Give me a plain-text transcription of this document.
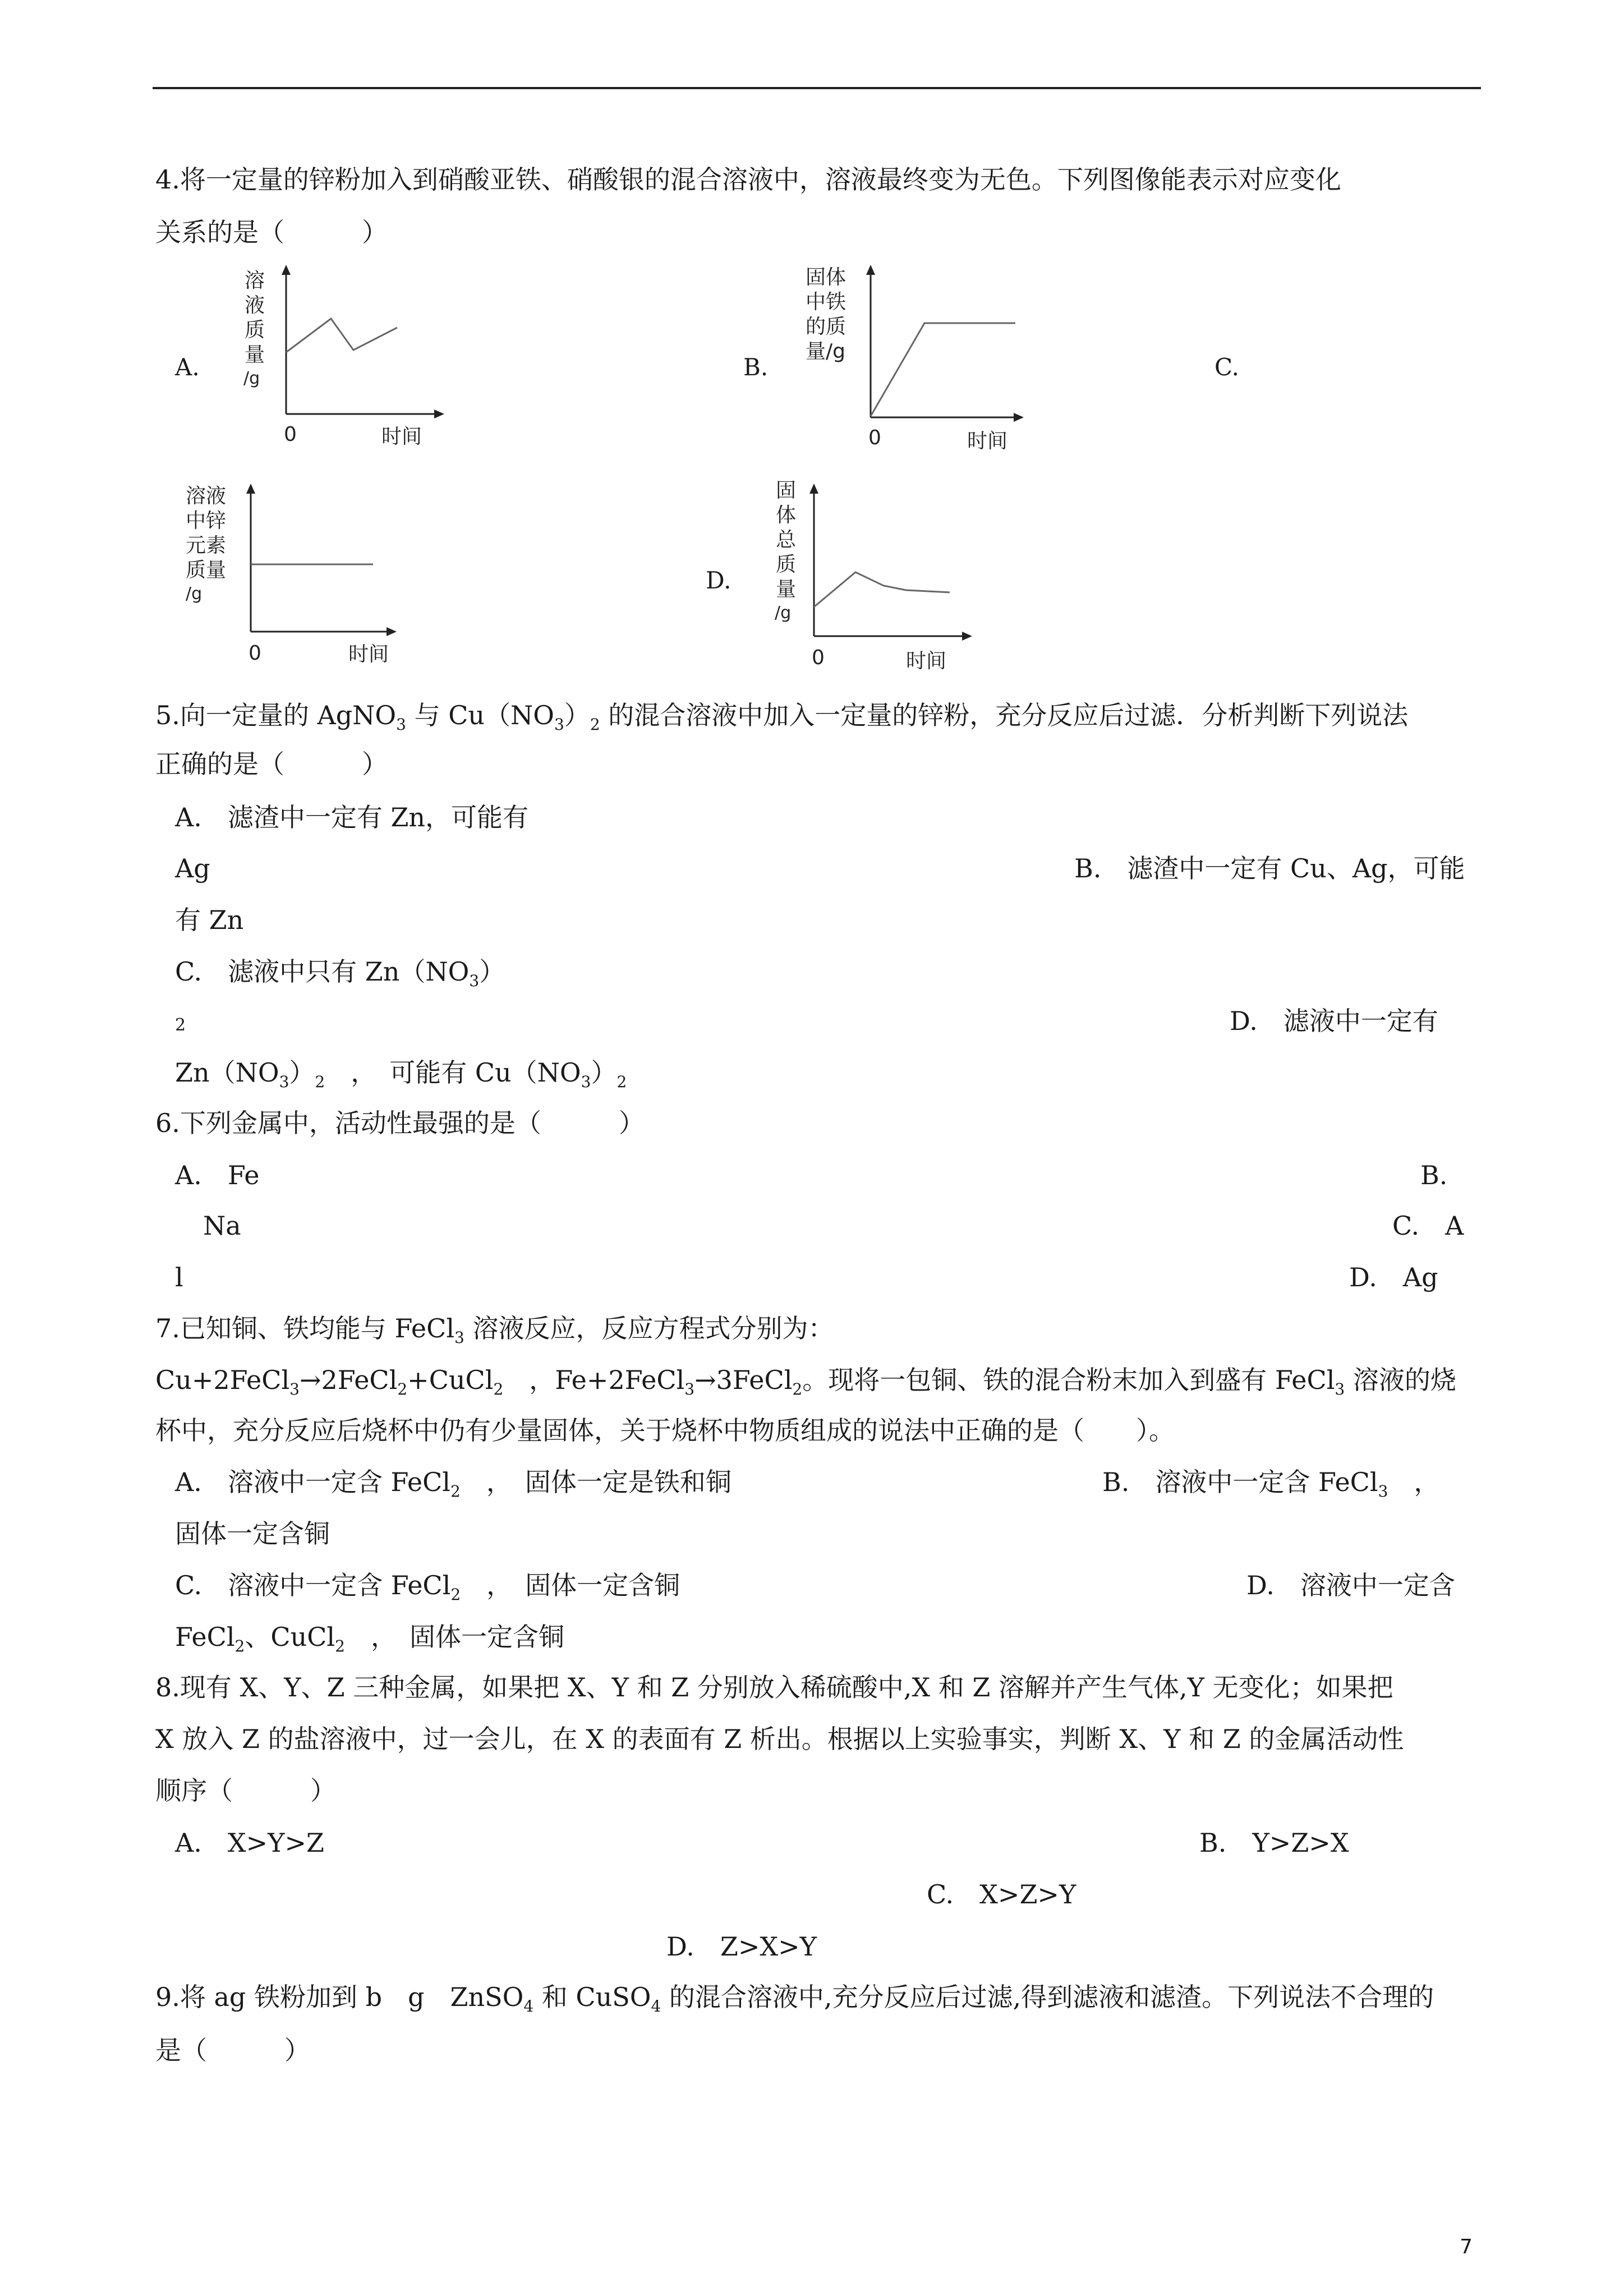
4.将一定量的锌粉加入到硝酸亚铁、硝酸银的混合溶液中，溶液最终变为无色。下列图像能表示对应变化
关系的是（　　　）
A.	B.	C.
D.
溶
液
质
量
/g
0	时间
固体
中铁
的质
量/g
0	时间
溶液
中锌
元素
质量
/g
0	时间
固
体
总
质
量
/g
0	时间
5.向一定量的 AgNO$_3$ 与 $Cu(NO_3)_2$ 的混合溶液中加入一定量的锌粉，充分反应后过滤．分析判断下列说法
正确的是（　　　）
A.　滤渣中一定有 Zn，可能有
Ag	B.　滤渣中一定有 Cu、Ag，可能
有 Zn
C.　滤液中只有 $Zn(NO_3)$
2	D.　滤液中一定有
$Zn(NO_3)_2$　，　可能有 $Cu(NO_3)_2$
6.下列金属中，活动性最强的是（　　　）
A.　Fe	B.
Na	C.　A
l	D.　Ag
7.已知铜、铁均能与 FeCl$_3$ 溶液反应，反应方程式分别为：
Cu+2FeCl$_3$→2FeCl$_2$+CuCl$_2$　，Fe+2FeCl$_3$→3FeCl$_2$。现将一包铜、铁的混合粉末加入到盛有 FeCl$_3$ 溶液的烧
杯中，充分反应后烧杯中仍有少量固体，关于烧杯中物质组成的说法中正确的是（　　）。
A.　溶液中一定含 FeCl$_2$　，　固体一定是铁和铜	B.　溶液中一定含 FeCl$_3$　，
固体一定含铜
C.　溶液中一定含 FeCl$_2$　，　固体一定含铜	D.　溶液中一定含
FeCl$_2$、CuCl$_2$　，　固体一定含铜
8.现有 X、Y、Z 三种金属，如果把 X、Y 和 Z 分别放入稀硫酸中,X 和 Z 溶解并产生气体,Y 无变化；如果把
X 放入 Z 的盐溶液中，过一会儿，在 X 的表面有 Z 析出。根据以上实验事实，判断 X、Y 和 Z 的金属活动性
顺序（　　　）
A.　X>Y>Z	B.　Y>Z>X
C.　X>Z>Y
D.　Z>X>Y
9.将 ag 铁粉加到 b　g　ZnSO$_4$ 和 CuSO$_4$ 的混合溶液中,充分反应后过滤,得到滤液和滤渣。下列说法不合理的
是（　　　）
7
